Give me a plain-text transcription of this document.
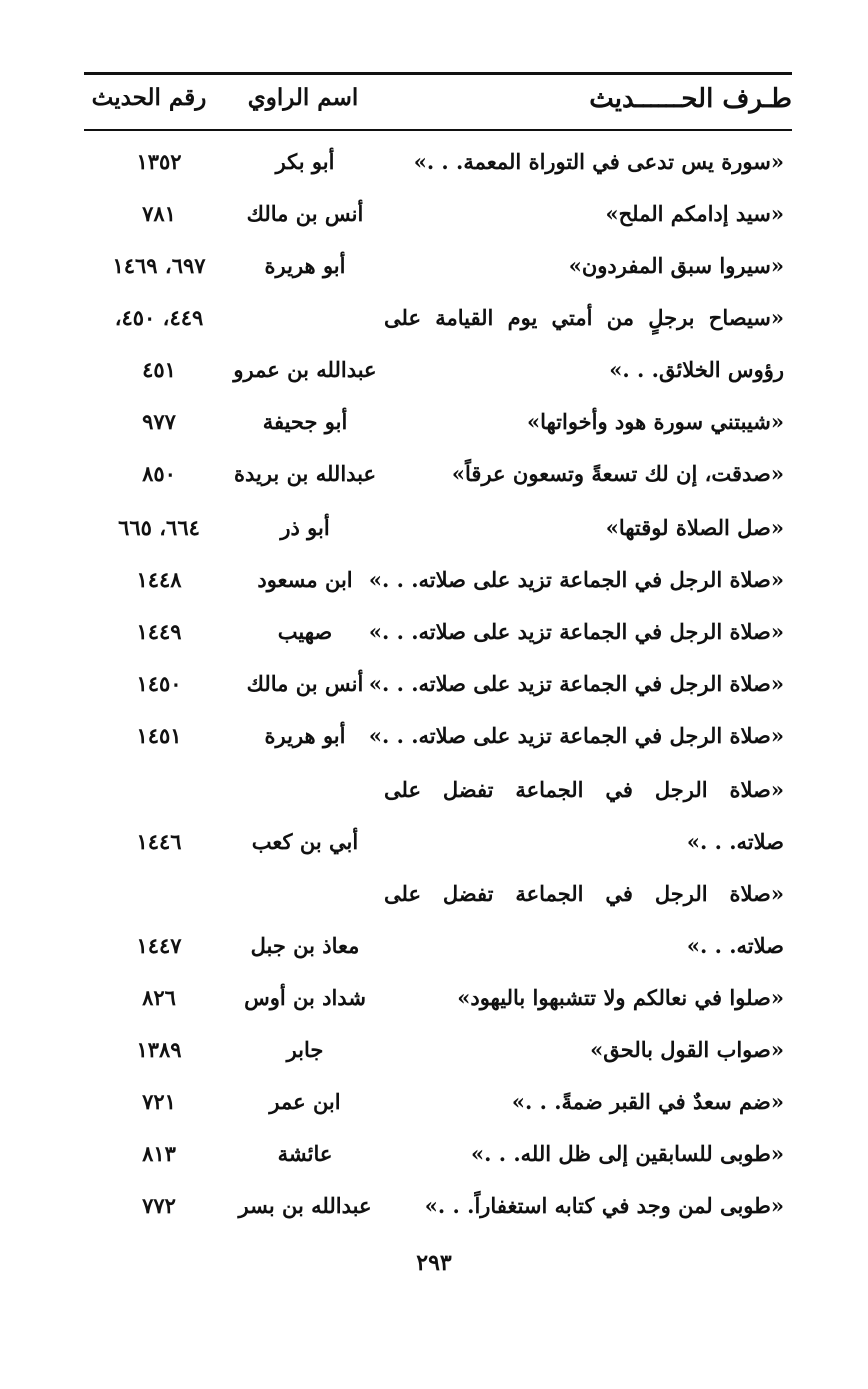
طـرف الحــــــديث
اسم الراوي
رقم الحديث
«سورة يس تدعى في التوراة المعمة. . .»
أبو بكر
١٣٥٢
«سيد إدامكم الملح»
أنس بن مالك
٧٨١
«سيروا سبق المفردون»
أبو هريرة
٦٩٧، ١٤٦٩
«سيصاح برجلٍ من أمتي يوم القيامة على
٤٤٩، ٤٥٠،
رؤوس الخلائق. . .»
عبدالله بن عمرو
٤٥١
«شيبتني سورة هود وأخواتها»
أبو جحيفة
٩٧٧
«صدقت، إن لك تسعةً وتسعون عرقاً»
عبدالله بن بريدة
٨٥٠
«صل الصلاة لوقتها»
أبو ذر
٦٦٤، ٦٦٥
«صلاة الرجل في الجماعة تزيد على صلاته. . .»
ابن مسعود
١٤٤٨
«صلاة الرجل في الجماعة تزيد على صلاته. . .»
صهيب
١٤٤٩
«صلاة الرجل في الجماعة تزيد على صلاته. . .»
أنس بن مالك
١٤٥٠
«صلاة الرجل في الجماعة تزيد على صلاته. . .»
أبو هريرة
١٤٥١
«صلاة الرجل في الجماعة تفضل على
صلاته. . .»
أبي بن كعب
١٤٤٦
«صلاة الرجل في الجماعة تفضل على
صلاته. . .»
معاذ بن جبل
١٤٤٧
«صلوا في نعالكم ولا تتشبهوا باليهود»
شداد بن أوس
٨٢٦
«صواب القول بالحق»
جابر
١٣٨٩
«ضم سعدٌ في القبر ضمةً. . .»
ابن عمر
٧٢١
«طوبى للسابقين إلى ظل الله. . .»
عائشة
٨١٣
«طوبى لمن وجد في كتابه استغفاراً. . .»
عبدالله بن بسر
٧٧٢
٢٩٣
